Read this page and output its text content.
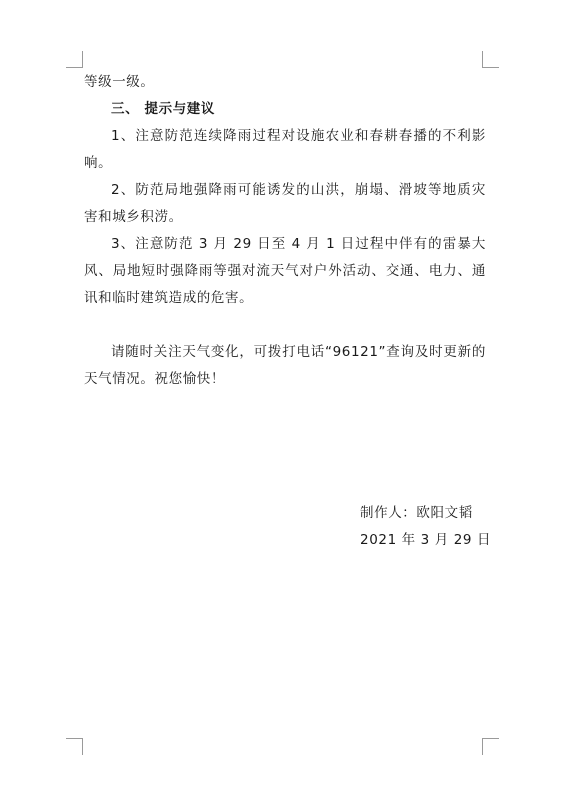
等级一级。

三、 提示与建议

1、注意防范连续降雨过程对设施农业和春耕春播的不利影响。

2、防范局地强降雨可能诱发的山洪，崩塌、滑坡等地质灾害和城乡积涝。

3、注意防范 3 月 29 日至 4 月 1 日过程中伴有的雷暴大风、局地短时强降雨等强对流天气对户外活动、交通、电力、通讯和临时建筑造成的危害。

请随时关注天气变化，可拨打电话“96121”查询及时更新的天气情况。祝您愉快！

制作人：欧阳文韬

2021 年 3 月 29 日
